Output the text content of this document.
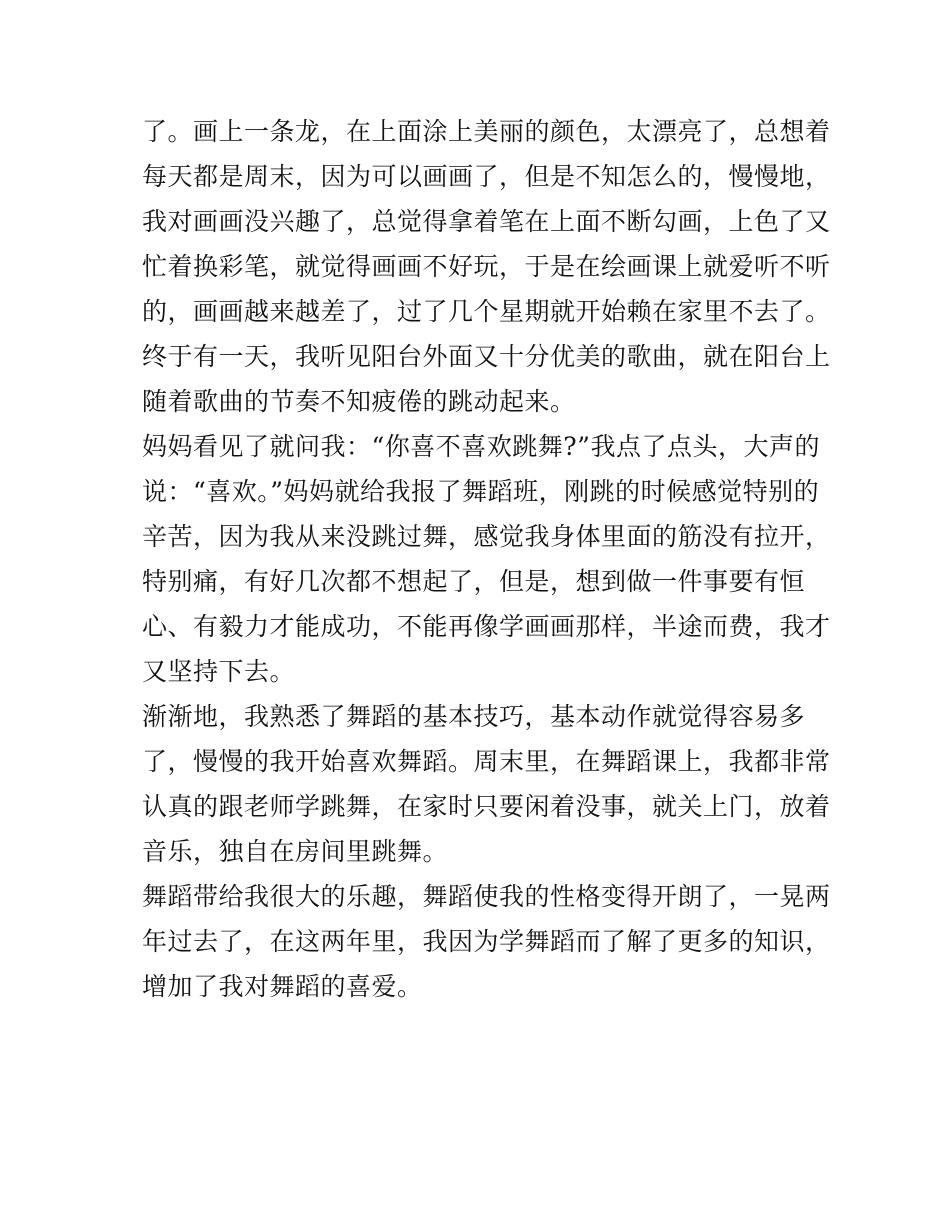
了。画上一条龙，在上面涂上美丽的颜色，太漂亮了，总想着
每天都是周末，因为可以画画了，但是不知怎么的，慢慢地，
我对画画没兴趣了，总觉得拿着笔在上面不断勾画，上色了又
忙着换彩笔，就觉得画画不好玩，于是在绘画课上就爱听不听
的，画画越来越差了，过了几个星期就开始赖在家里不去了。
终于有一天，我听见阳台外面又十分优美的歌曲，就在阳台上
随着歌曲的节奏不知疲倦的跳动起来。
妈妈看见了就问我：“你喜不喜欢跳舞?”我点了点头，大声的
说：“喜欢。”妈妈就给我报了舞蹈班，刚跳的时候感觉特别的
辛苦，因为我从来没跳过舞，感觉我身体里面的筋没有拉开，
特别痛，有好几次都不想起了，但是，想到做一件事要有恒
心、有毅力才能成功，不能再像学画画那样，半途而费，我才
又坚持下去。
渐渐地，我熟悉了舞蹈的基本技巧，基本动作就觉得容易多
了，慢慢的我开始喜欢舞蹈。周末里，在舞蹈课上，我都非常
认真的跟老师学跳舞，在家时只要闲着没事，就关上门，放着
音乐，独自在房间里跳舞。
舞蹈带给我很大的乐趣，舞蹈使我的性格变得开朗了，一晃两
年过去了，在这两年里，我因为学舞蹈而了解了更多的知识，
增加了我对舞蹈的喜爱。
